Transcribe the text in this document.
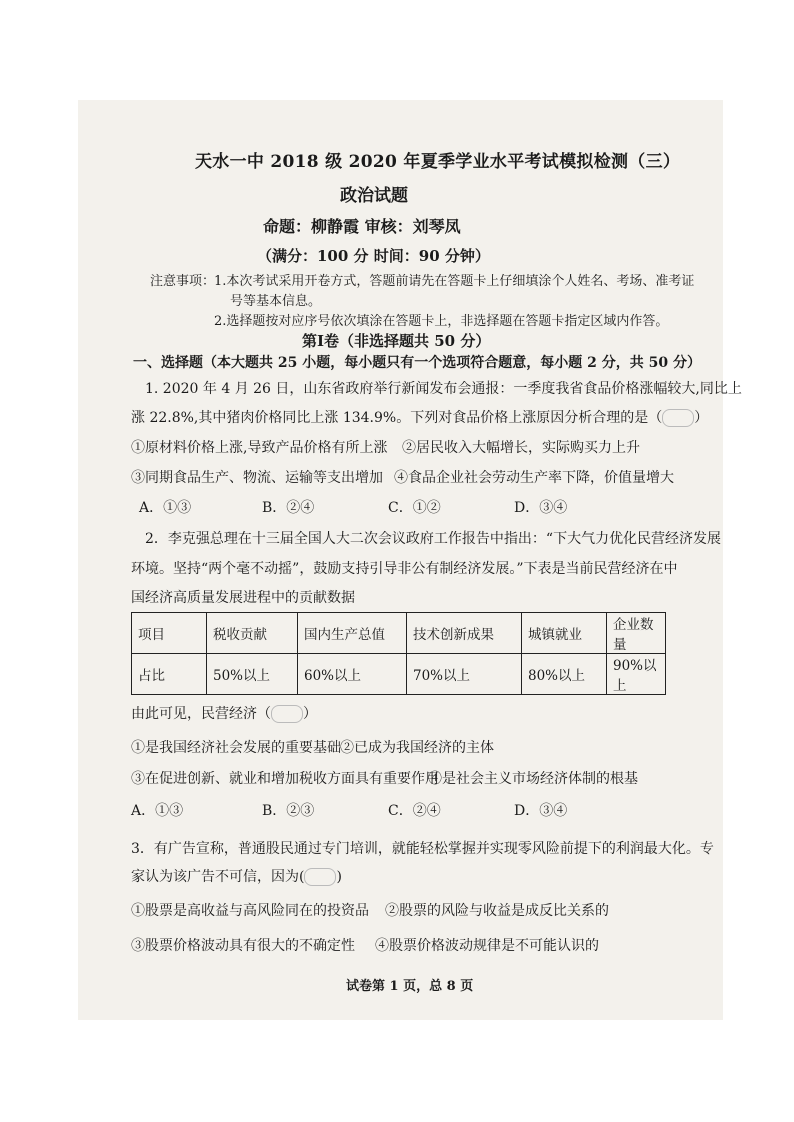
天水一中 2018 级 2020 年夏季学业水平考试模拟检测（三）
政治试题
命题：柳静霞 审核：刘琴凤
（满分：100 分 时间：90 分钟）
注意事项：
1.本次考试采用开卷方式，答题前请先在答题卡上仔细填涂个人姓名、考场、准考证
号等基本信息。
2.选择题按对应序号依次填涂在答题卡上，非选择题在答题卡指定区域内作答。
第Ⅰ卷（非选择题共 50 分）
一、选择题（本大题共 25 小题，每小题只有一个选项符合题意，每小题 2 分，共 50 分）
1. 2020 年 4 月 26 日，山东省政府举行新闻发布会通报：一季度我省食品价格涨幅较大,同比上
涨 22.8%,其中猪肉价格同比上涨 134.9%。下列对食品价格上涨原因分析合理的是（ ）
①原材料价格上涨,导致产品价格有所上涨 ②居民收入大幅增长，实际购买力上升
③同期食品生产、物流、运输等支出增加 ④食品企业社会劳动生产率下降，价值量增大
A．①③	B．②④	C．①②	D．③④
2．李克强总理在十三届全国人大二次会议政府工作报告中指出：“下大气力优化民营经济发展
环境。坚持“两个毫不动摇”，鼓励支持引导非公有制经济发展。”下表是当前民营经济在中
国经济高质量发展进程中的贡献数据
项目	税收贡献	国内生产总值	技术创新成果	城镇就业	企业数量
占比	50%以上	60%以上	70%以上	80%以上	90%以上
由此可见，民营经济（ ）
①是我国经济社会发展的重要基础 ②已成为我国经济的主体
③在促进创新、就业和增加税收方面具有重要作用
④是社会主义市场经济体制的根基
A．①③	B．②③	C．②④	D．③④
3．有广告宣称，普通股民通过专门培训，就能轻松掌握并实现零风险前提下的利润最大化。专
家认为该广告不可信，因为( )
①股票是高收益与高风险同在的投资品 ②股票的风险与收益是成反比关系的
③股票价格波动具有很大的不确定性 ④股票价格波动规律是不可能认识的
试卷第 1 页，总 8 页
